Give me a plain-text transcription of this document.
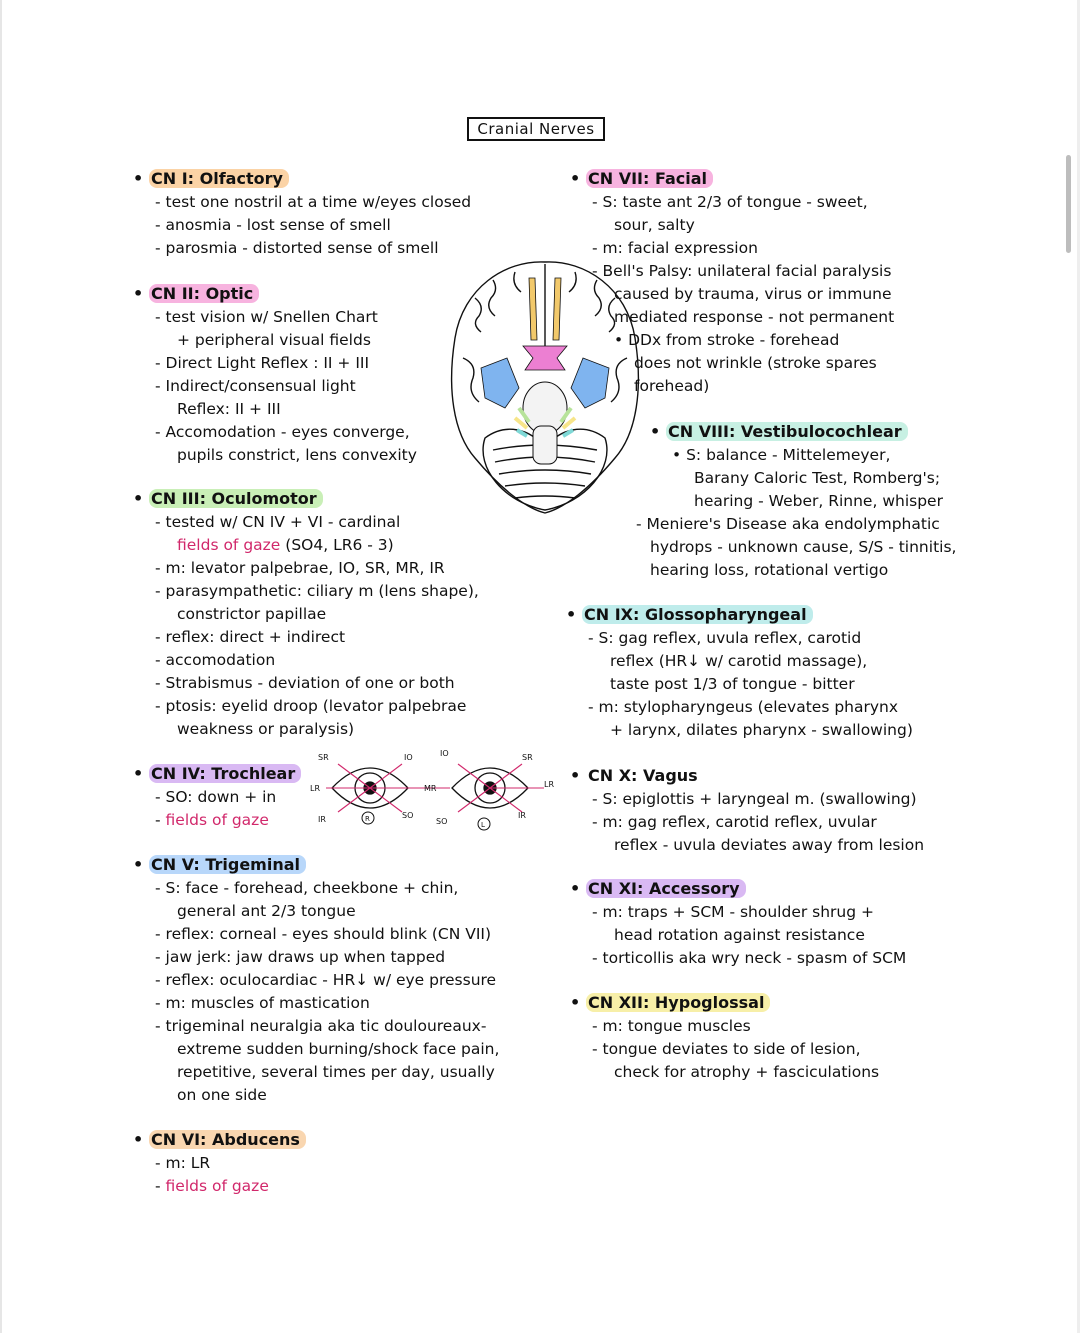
Cranial Nerves
• CN I: Olfactory
- test one nostril at a time w/eyes closed
- anosmia - lost sense of smell
- parosmia - distorted sense of smell
• CN II: Optic
- test vision w/ Snellen Chart
+ peripheral visual fields
- Direct Light Reflex : II + III
- Indirect/consensual light
Reflex: II + III
- Accomodation - eyes converge,
pupils constrict, lens convexity
• CN III: Oculomotor
- tested w/ CN IV + VI - cardinal
fields of gaze (SO4, LR6 - 3)
- m: levator palpebrae, IO, SR, MR, IR
- parasympathetic: ciliary m (lens shape),
constrictor papillae
- reflex: direct + indirect
- accomodation
- Strabismus - deviation of one or both
- ptosis: eyelid droop (levator palpebrae
weakness or paralysis)
• CN IV: Trochlear
- SO: down + in
- fields of gaze
SR	IO	IO	SR
LR	MR	LR
IR	SO
SO
IR
R
L
• CN V: Trigeminal
- S: face - forehead, cheekbone + chin,
general ant 2/3 tongue
- reflex: corneal - eyes should blink (CN VII)
- jaw jerk: jaw draws up when tapped
- reflex: oculocardiac - HR↓ w/ eye pressure
- m: muscles of mastication
- trigeminal neuralgia aka tic douloureaux-
extreme sudden burning/shock face pain,
repetitive, several times per day, usually
on one side
• CN VI: Abducens
- m: LR
- fields of gaze
• CN VII: Facial
- S: taste ant 2/3 of tongue - sweet,
sour, salty
- m: facial expression
- Bell's Palsy: unilateral facial paralysis
caused by trauma, virus or immune
mediated response - not permanent
• DDx from stroke - forehead
does not wrinkle (stroke spares
forehead)
• CN VIII: Vestibulocochlear
• S: balance - Mittelemeyer,
Barany Caloric Test, Romberg's;
hearing - Weber, Rinne, whisper
- Meniere's Disease aka endolymphatic
hydrops - unknown cause, S/S - tinnitis,
hearing loss, rotational vertigo
• CN IX: Glossopharyngeal
- S: gag reflex, uvula reflex, carotid
reflex (HR↓ w/ carotid massage),
taste post 1/3 of tongue - bitter
- m: stylopharyngeus (elevates pharynx
+ larynx, dilates pharynx - swallowing)
• CN X: Vagus
- S: epiglottis + laryngeal m. (swallowing)
- m: gag reflex, carotid reflex, uvular
reflex - uvula deviates away from lesion
• CN XI: Accessory
- m: traps + SCM - shoulder shrug +
head rotation against resistance
- torticollis aka wry neck - spasm of SCM
• CN XII: Hypoglossal
- m: tongue muscles
- tongue deviates to side of lesion,
check for atrophy + fasciculations
